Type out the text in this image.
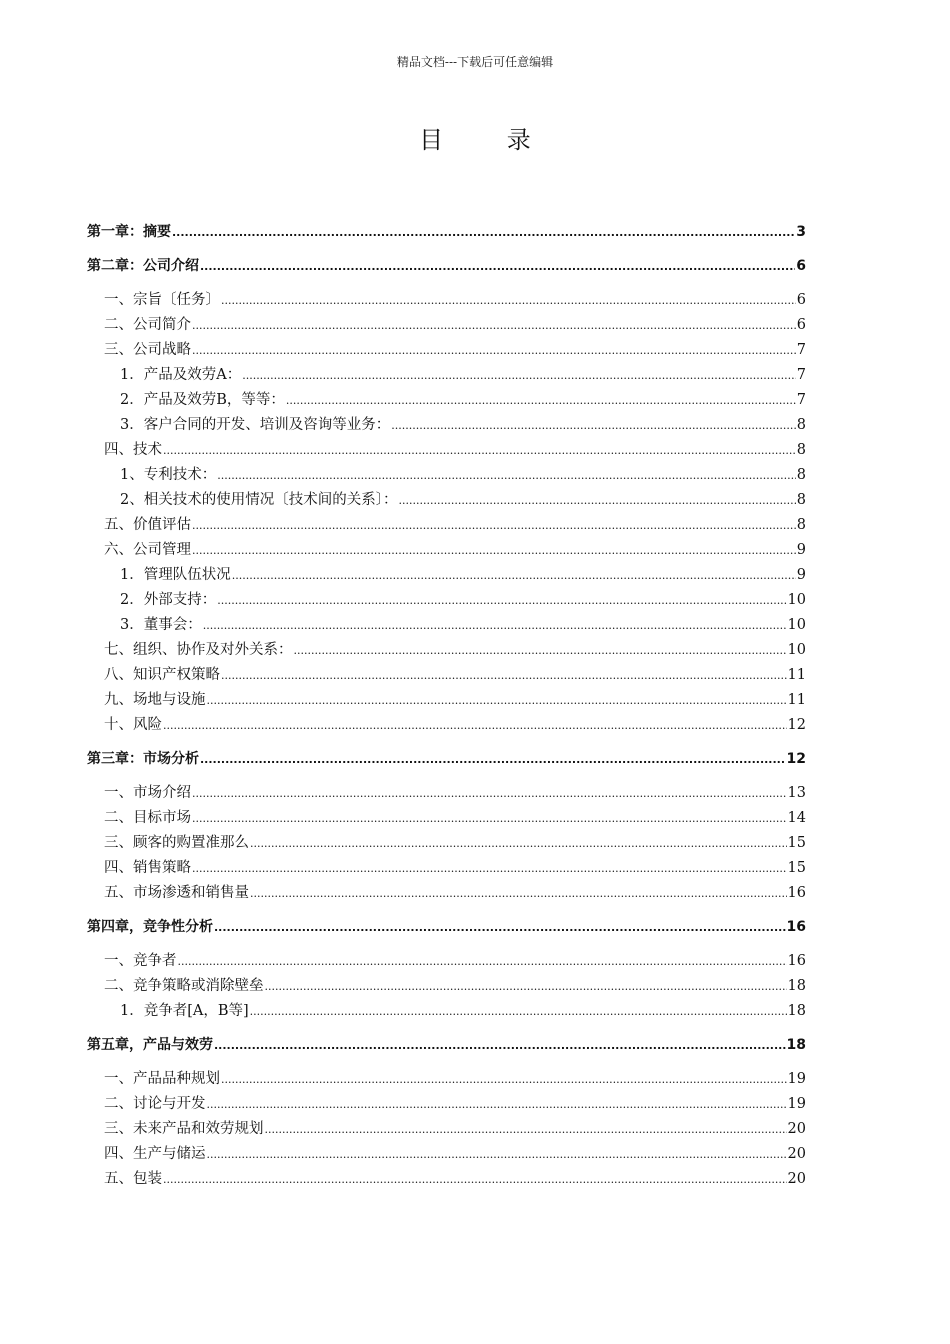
精品文档---下载后可任意编辑
目 录
第一章：摘要 .....	3
第二章：公司介绍 .....	6
一、宗旨〔任务〕 .....	6
二、公司简介 .....	6
三、公司战略 .....	7
1．产品及效劳A： .....	7
2．产品及效劳B，等等： .....	7
3．客户合同的开发、培训及咨询等业务： .....	8
四、技术 .....	8
1、专利技术： .....	8
2、相关技术的使用情况〔技术间的关系〕： .....	8
五、价值评估 .....	8
六、公司管理 .....	9
1．管理队伍状况 .....	9
2．外部支持： .....	10
3．董事会： .....	10
七、组织、协作及对外关系： .....	10
八、知识产权策略 .....	11
九、场地与设施 .....	11
十、风险 .....	12
第三章：市场分析 .....	12
一、市场介绍 .....	13
二、目标市场 .....	14
三、顾客的购置准那么 .....	15
四、销售策略 .....	15
五、市场渗透和销售量 .....	16
第四章，竞争性分析 .....	16
一、竞争者 .....	16
二、竞争策略或消除壁垒 .....	18
1．竞争者[A，B等] .....	18
第五章，产品与效劳 .....	18
一、产品品种规划 .....	19
二、讨论与开发 .....	19
三、未来产品和效劳规划 .....	20
四、生产与储运 .....	20
五、包装 .....	20
